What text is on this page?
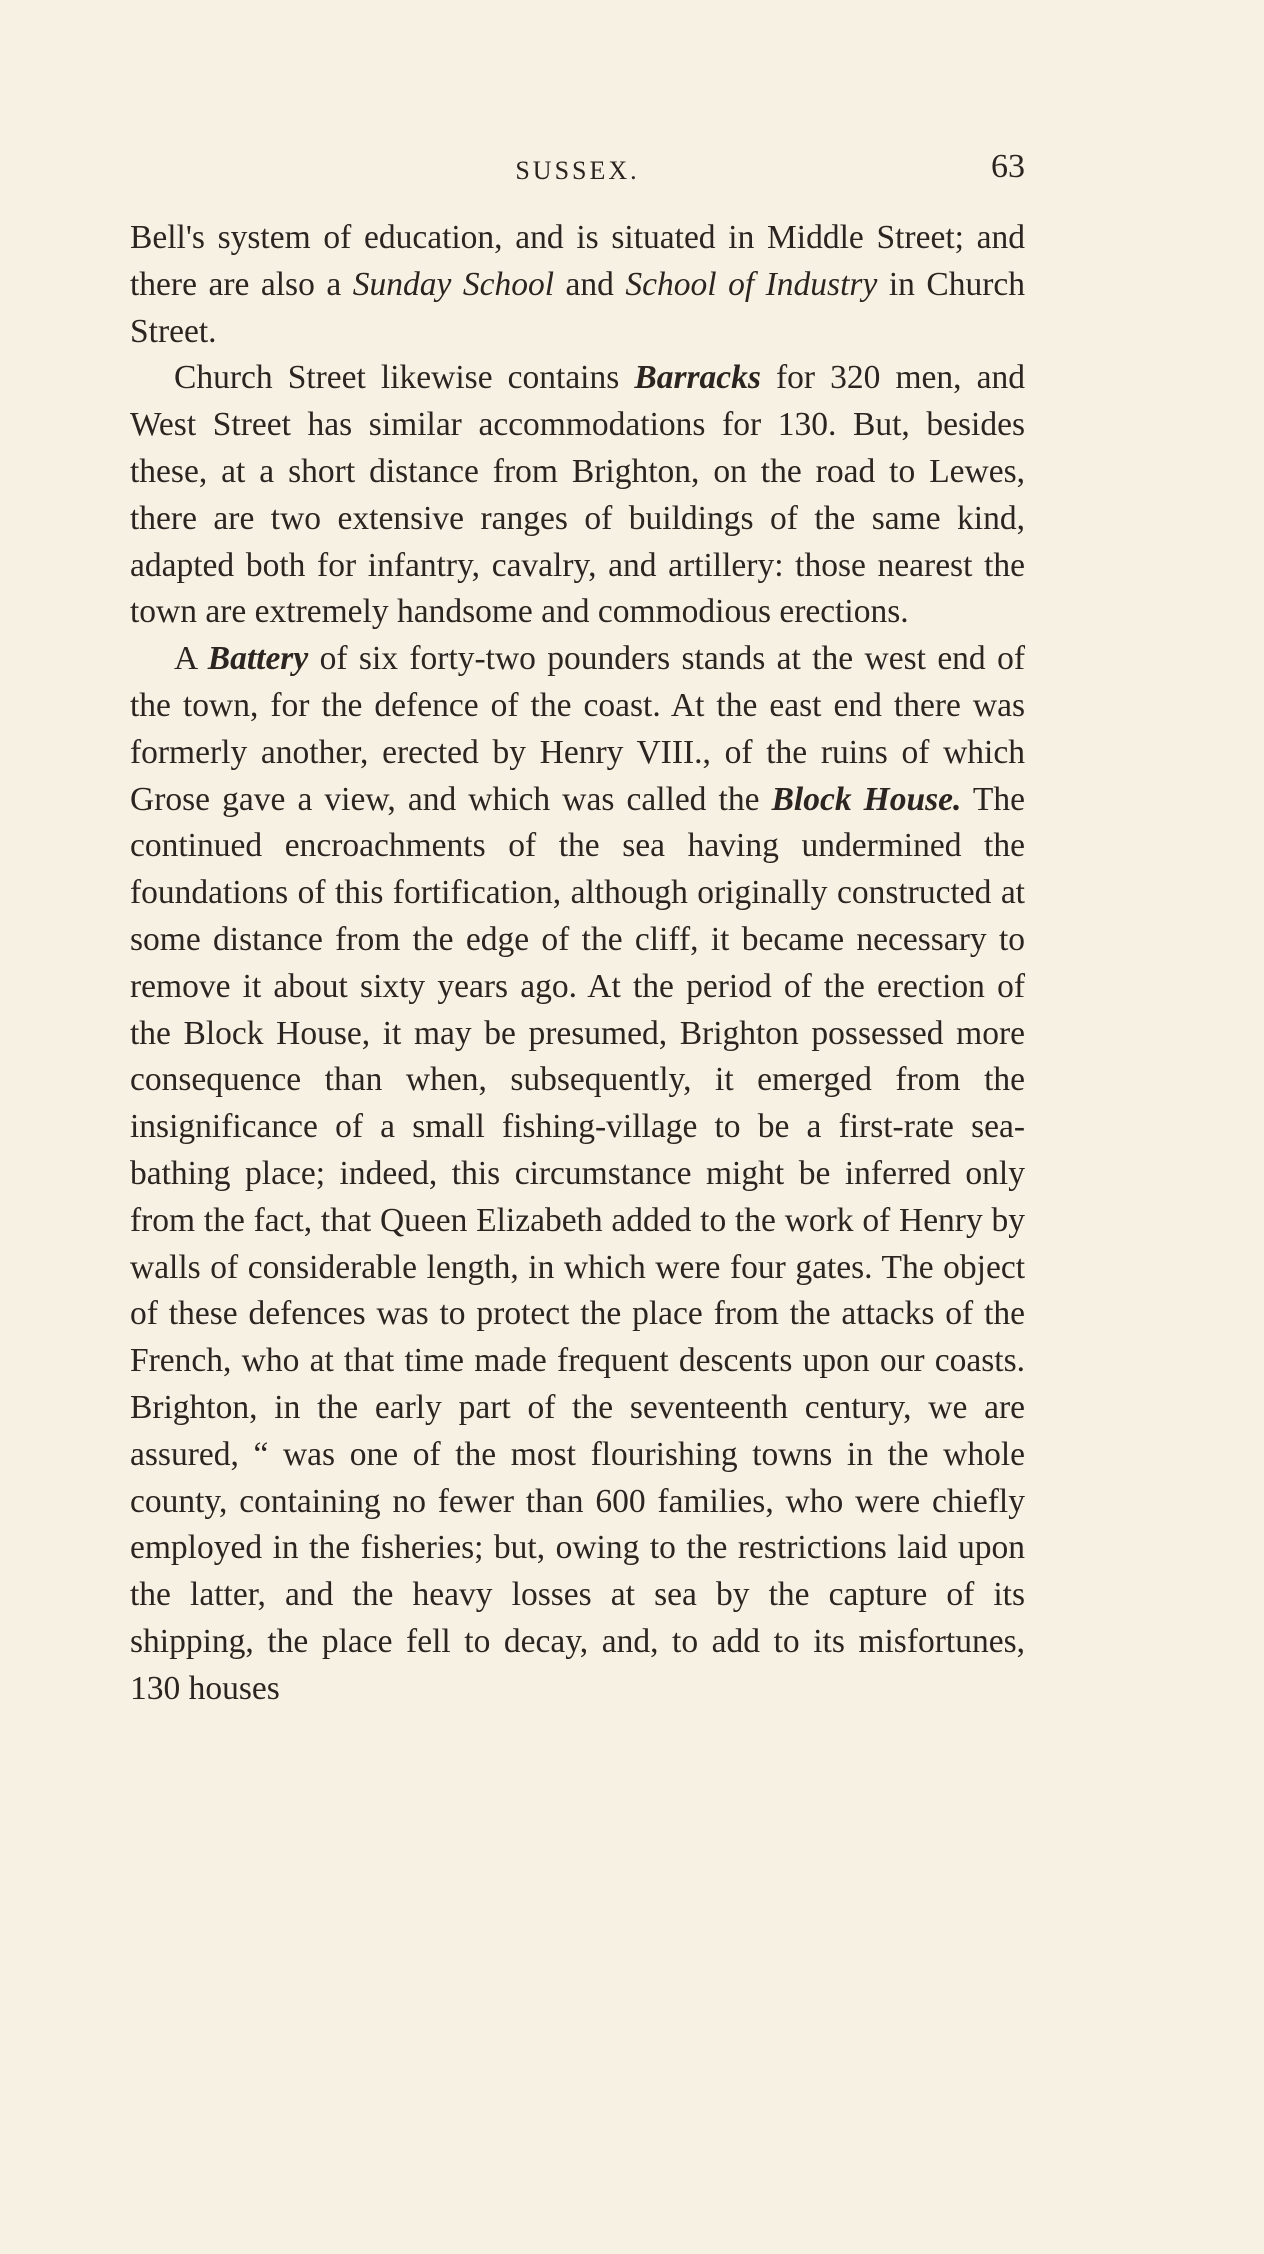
SUSSEX.	63

Bell's system of education, and is situated in Middle Street; and there are also a Sunday School and School of Industry in Church Street.

Church Street likewise contains Barracks for 320 men, and West Street has similar accommodations for 130. But, besides these, at a short distance from Brighton, on the road to Lewes, there are two extensive ranges of buildings of the same kind, adapted both for infantry, cavalry, and artillery: those nearest the town are extremely handsome and commodious erections.

A Battery of six forty-two pounders stands at the west end of the town, for the defence of the coast. At the east end there was formerly another, erected by Henry VIII., of the ruins of which Grose gave a view, and which was called the Block House. The continued encroachments of the sea having undermined the foundations of this fortification, although originally constructed at some distance from the edge of the cliff, it became necessary to remove it about sixty years ago. At the period of the erection of the Block House, it may be presumed, Brighton possessed more consequence than when, subsequently, it emerged from the insignificance of a small fishing-village to be a first-rate sea-bathing place; indeed, this circumstance might be inferred only from the fact, that Queen Elizabeth added to the work of Henry by walls of considerable length, in which were four gates. The object of these defences was to protect the place from the attacks of the French, who at that time made frequent descents upon our coasts. Brighton, in the early part of the seventeenth century, we are assured, “ was one of the most flourishing towns in the whole county, containing no fewer than 600 families, who were chiefly employed in the fisheries; but, owing to the restrictions laid upon the latter, and the heavy losses at sea by the capture of its shipping, the place fell to decay, and, to add to its misfortunes, 130 houses
